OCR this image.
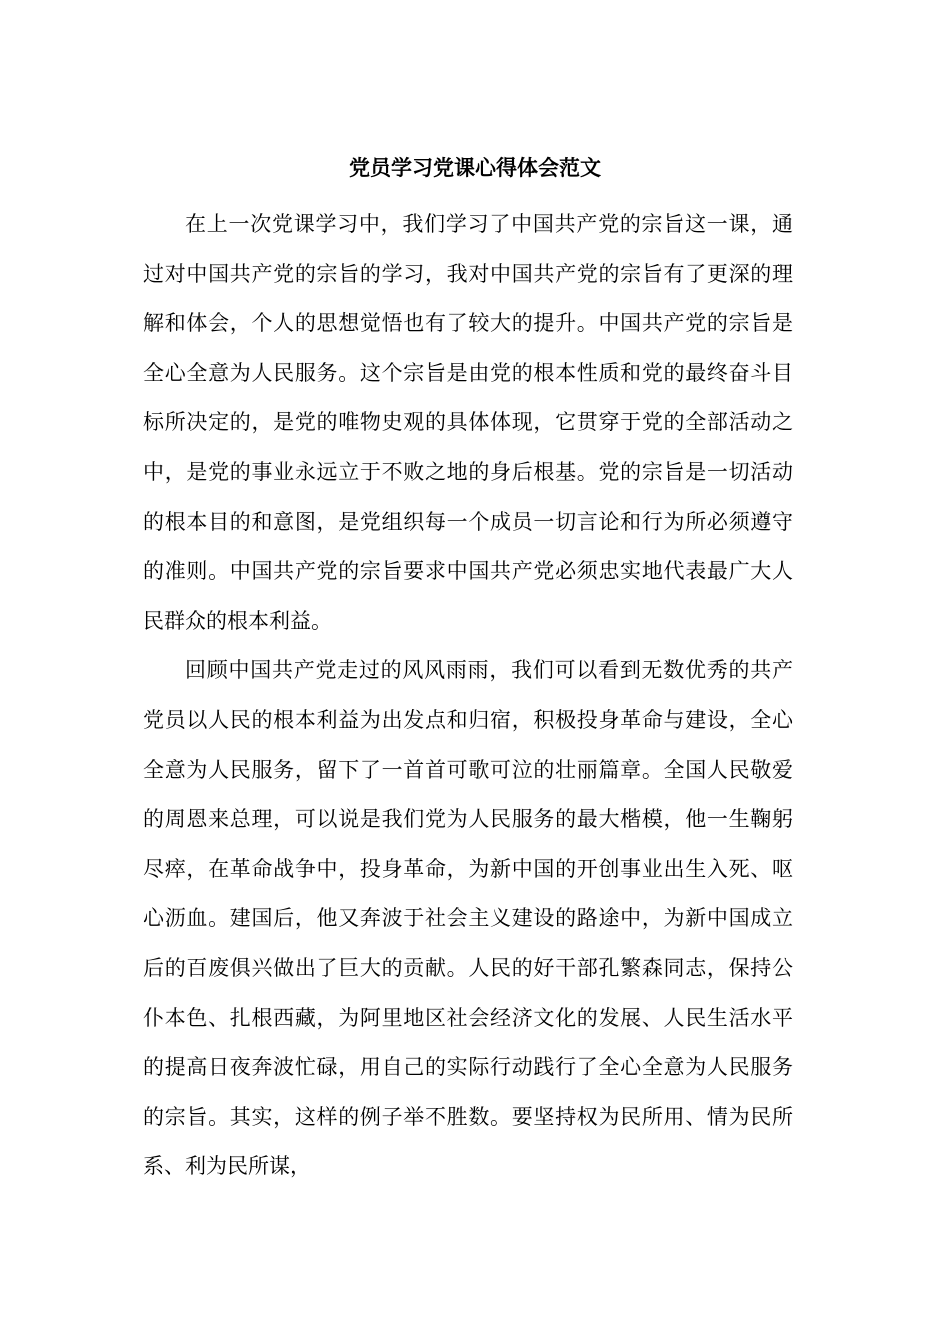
党员学习党课心得体会范文

在上一次党课学习中，我们学习了中国共产党的宗旨这一课，通过对中国共产党的宗旨的学习，我对中国共产党的宗旨有了更深的理解和体会，个人的思想觉悟也有了较大的提升。中国共产党的宗旨是全心全意为人民服务。这个宗旨是由党的根本性质和党的最终奋斗目标所决定的，是党的唯物史观的具体体现，它贯穿于党的全部活动之中，是党的事业永远立于不败之地的身后根基。党的宗旨是一切活动的根本目的和意图，是党组织每一个成员一切言论和行为所必须遵守的准则。中国共产党的宗旨要求中国共产党必须忠实地代表最广大人民群众的根本利益。

回顾中国共产党走过的风风雨雨，我们可以看到无数优秀的共产党员以人民的根本利益为出发点和归宿，积极投身革命与建设，全心全意为人民服务，留下了一首首可歌可泣的壮丽篇章。全国人民敬爱的周恩来总理，可以说是我们党为人民服务的最大楷模，他一生鞠躬尽瘁，在革命战争中，投身革命，为新中国的开创事业出生入死、呕心沥血。建国后，他又奔波于社会主义建设的路途中，为新中国成立后的百废俱兴做出了巨大的贡献。人民的好干部孔繁森同志，保持公仆本色、扎根西藏，为阿里地区社会经济文化的发展、人民生活水平的提高日夜奔波忙碌，用自己的实际行动践行了全心全意为人民服务的宗旨。其实，这样的例子举不胜数。要坚持权为民所用、情为民所系、利为民所谋，
